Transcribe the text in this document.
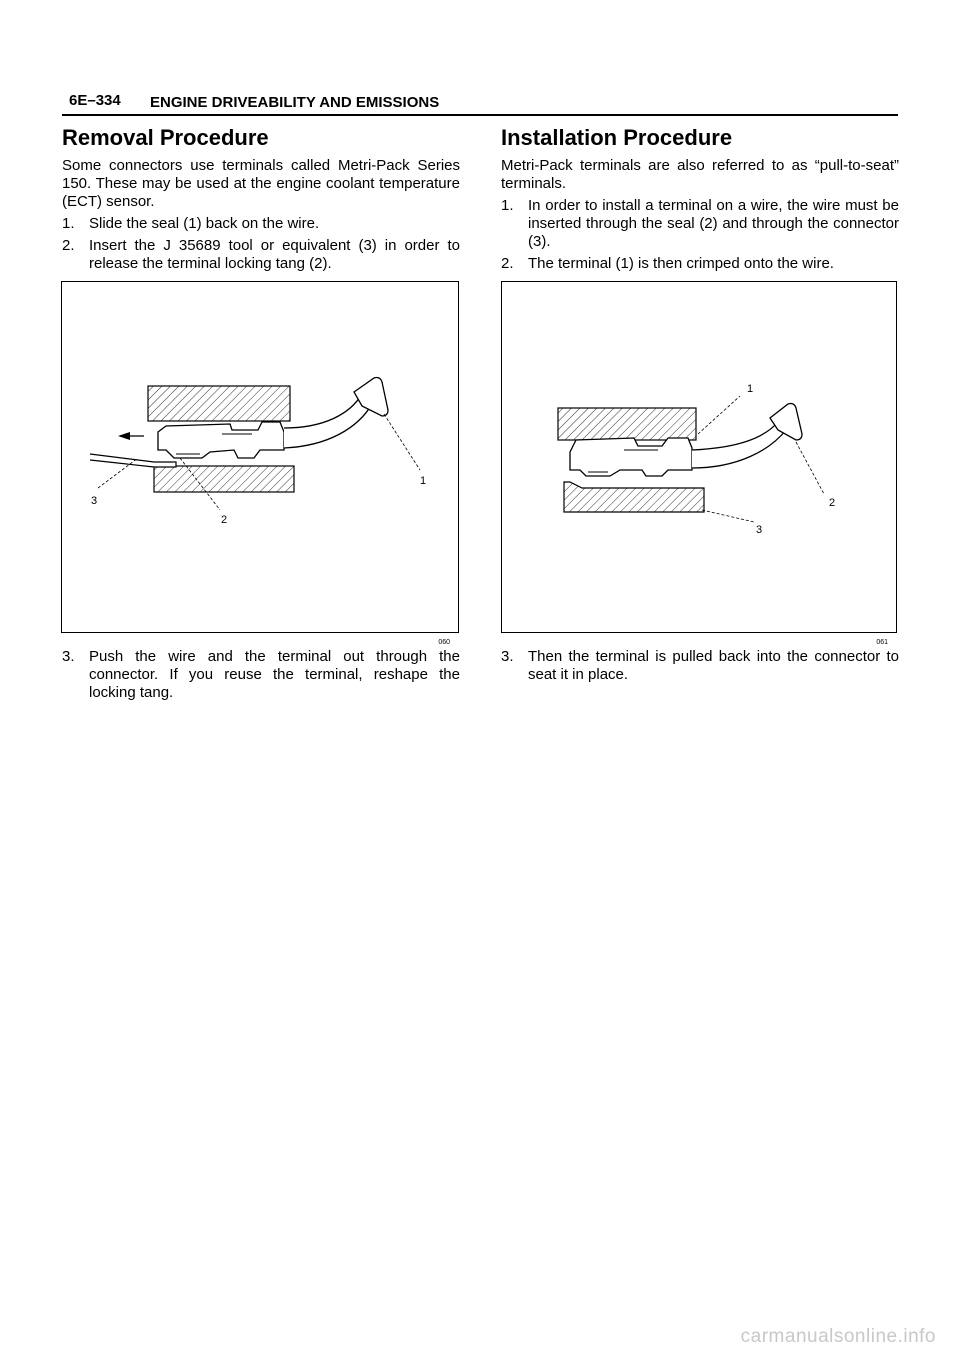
6E–334 ENGINE DRIVEABILITY AND EMISSIONS
Removal Procedure

Some connectors use terminals called Metri-Pack Series 150. These may be used at the engine coolant temperature (ECT) sensor.

1. Slide the seal (1) back on the wire.
2. Insert the J 35689 tool or equivalent (3) in order to release the terminal locking tang (2).
1
2
3
060
3. Push the wire and the terminal out through the connector. If you reuse the terminal, reshape the locking tang.
Installation Procedure

Metri-Pack terminals are also referred to as “pull-to-seat” terminals.

1. In order to install a terminal on a wire, the wire must be inserted through the seal (2) and through the connector (3).
2. The terminal (1) is then crimped onto the wire.
1
2
3
061
3. Then the terminal is pulled back into the connector to seat it in place.
carmanualsonline.info
